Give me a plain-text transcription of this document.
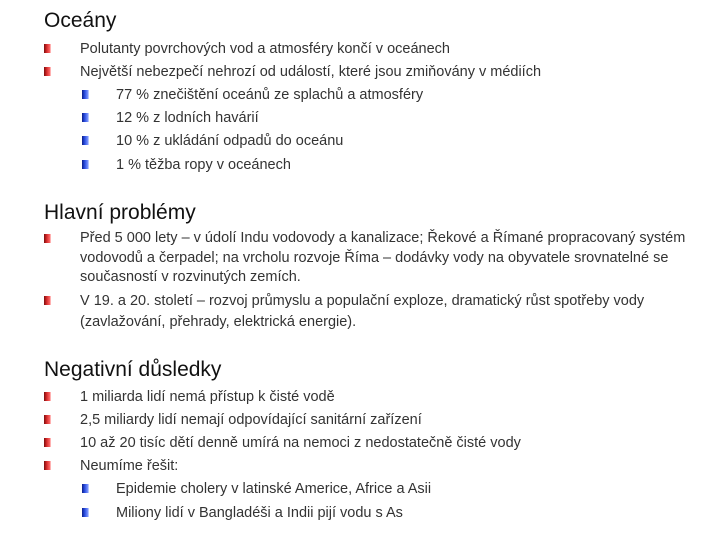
Oceány
Polutanty povrchových vod a atmosféry končí v oceánech
Největší nebezpečí nehrozí od událostí, které jsou zmiňovány v médiích
77 % znečištění oceánů ze splachů a atmosféry
12 % z lodních havárií
10 % z ukládání odpadů do oceánu
1 % těžba ropy v oceánech
Hlavní problémy
Před 5 000 lety – v údolí Indu vodovody a kanalizace; Řekové a Římané propracovaný systém vodovodů a čerpadel; na vrcholu rozvoje Říma – dodávky vody na obyvatele srovnatelné se současností v rozvinutých zemích.
V 19. a 20. století – rozvoj průmyslu a populační exploze, dramatický růst spotřeby vody (zavlažování, přehrady, elektrická energie).
Negativní důsledky
1 miliarda lidí nemá přístup k čisté vodě
2,5 miliardy lidí nemají odpovídající sanitární zařízení
10 až 20 tisíc dětí denně umírá na nemoci z nedostatečně čisté vody
Neumíme řešit:
Epidemie cholery v latinské Americe, Africe a Asii
Miliony lidí v Bangladéši a Indii pijí vodu s As
